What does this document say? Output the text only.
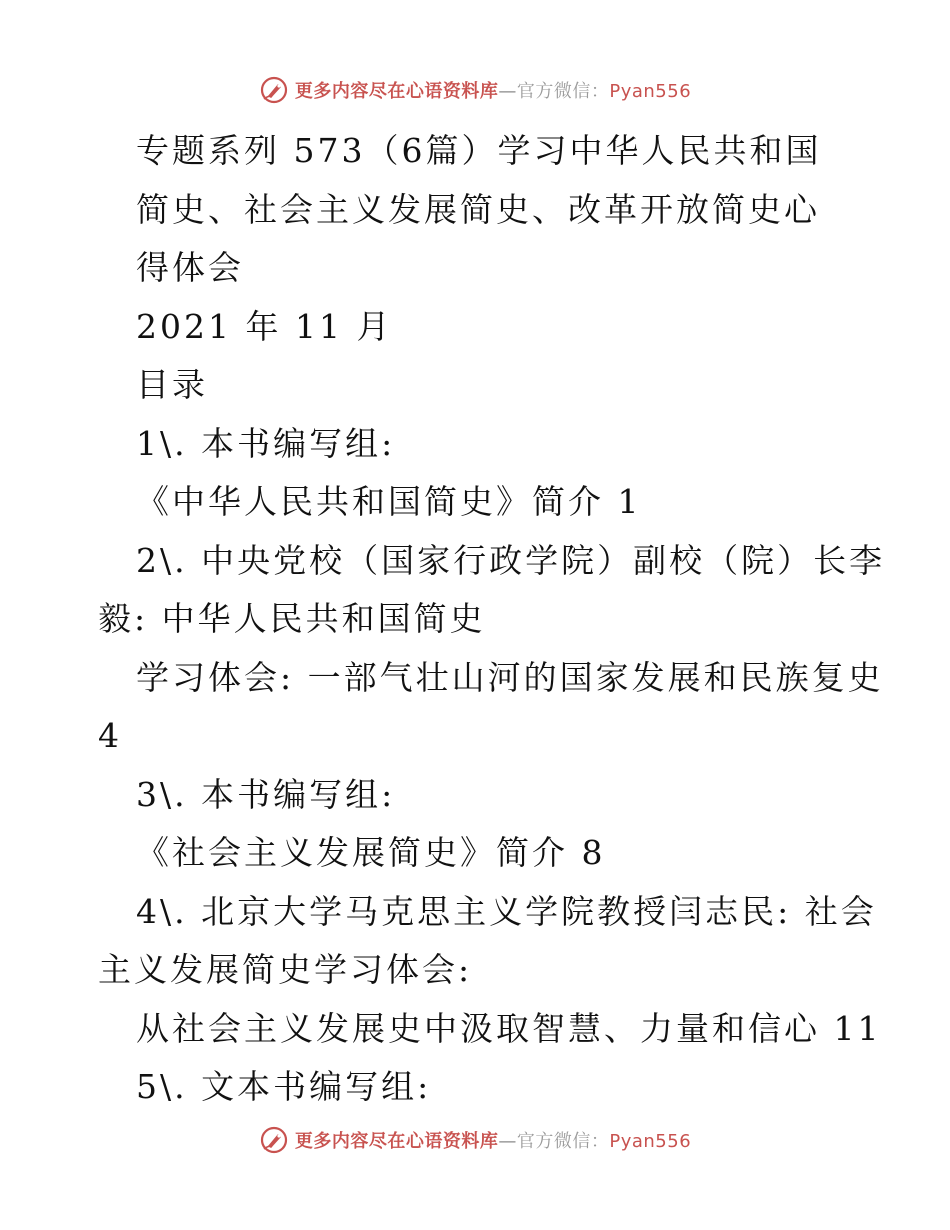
更多内容尽在心语资料库—官方微信：Pyan556
专题系列 573（6篇）学习中华人民共和国
简史、社会主义发展简史、改革开放简史心
得体会
2021 年 11 月
目录
1\. 本书编写组:
《中华人民共和国简史》简介 1
2\. 中央党校（国家行政学院）副校（院）长李
毅: 中华人民共和国简史
学习体会: 一部气壮山河的国家发展和民族复史
4
3\. 本书编写组:
《社会主义发展简史》简介 8
4\. 北京大学马克思主义学院教授闫志民: 社会
主义发展简史学习体会:
从社会主义发展史中汲取智慧、力量和信心 11
5\. 文本书编写组:
更多内容尽在心语资料库—官方微信：Pyan556
